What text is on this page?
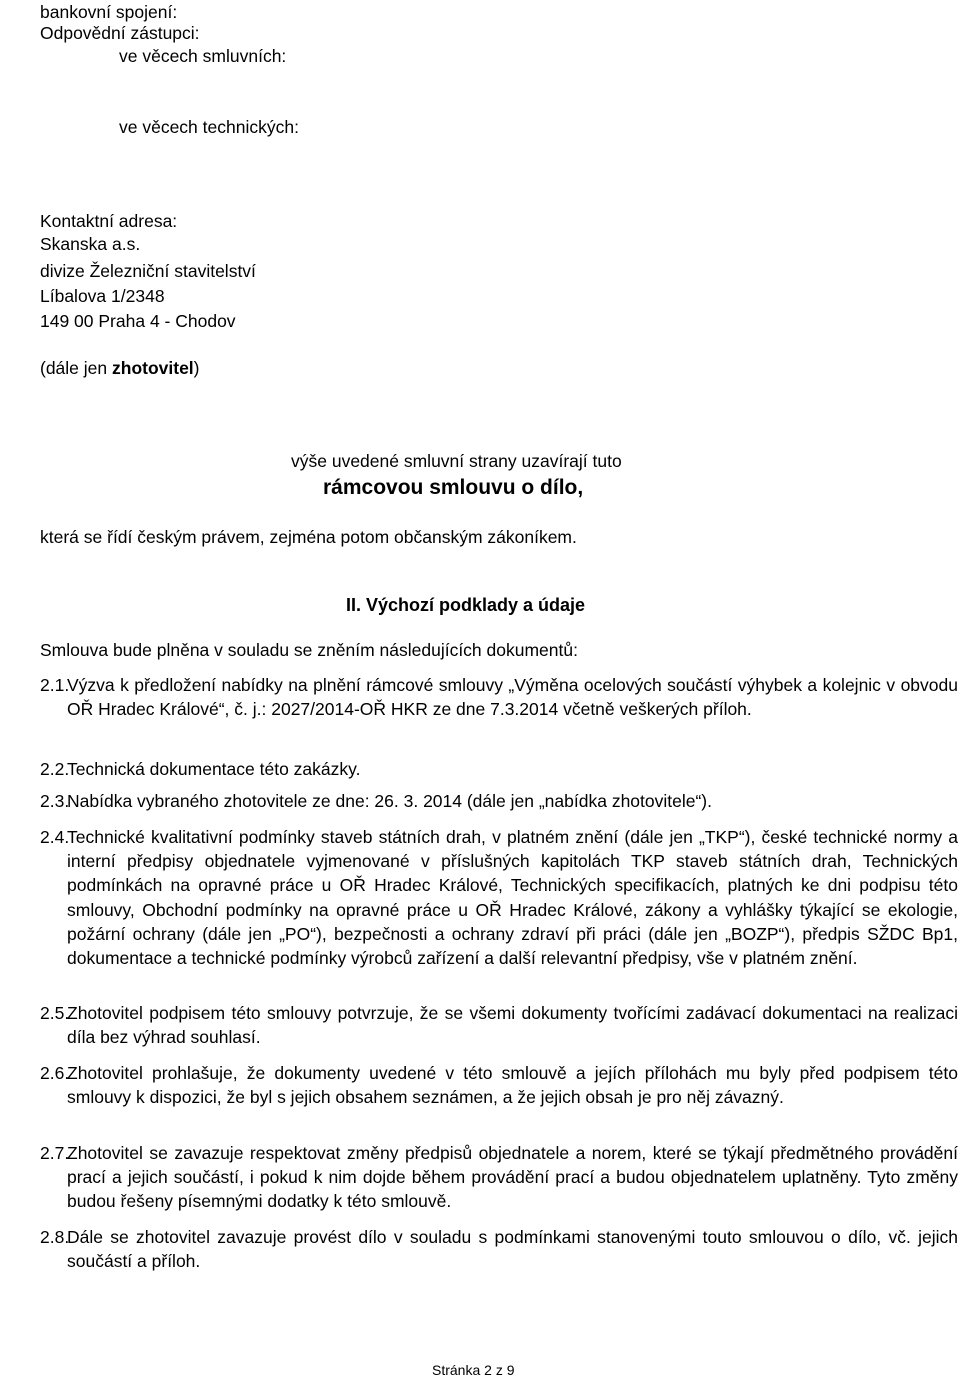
bankovní spojení:
Odpovědní zástupci:
ve věcech smluvních:
ve věcech technických:
Kontaktní adresa:
Skanska a.s.
divize Železniční stavitelství
Líbalova 1/2348
149 00 Praha 4 - Chodov
(dále jen zhotovitel)
výše uvedené smluvní strany uzavírají tuto
rámcovou smlouvu o dílo,
která se řídí českým právem, zejména potom občanským zákoníkem.
II. Výchozí podklady a údaje
Smlouva bude plněna v souladu se zněním následujících dokumentů:
2.1.
Výzva k předložení nabídky na plnění rámcové smlouvy „Výměna ocelových součástí výhybek a kolejnic v obvodu OŘ Hradec Králové“, č. j.: 2027/2014-OŘ HKR ze dne 7.3.2014 včetně veškerých příloh.
2.2.
Technická dokumentace této zakázky.
2.3.
Nabídka vybraného zhotovitele ze dne: 26. 3. 2014 (dále jen „nabídka zhotovitele“).
2.4.
Technické kvalitativní podmínky staveb státních drah, v platném znění (dále jen „TKP“), české technické normy a interní předpisy objednatele vyjmenované v příslušných kapitolách TKP staveb státních drah, Technických podmínkách na opravné práce u OŘ Hradec Králové, Technických specifikacích, platných ke dni podpisu této smlouvy, Obchodní podmínky na opravné práce u OŘ Hradec Králové, zákony a vyhlášky týkající se ekologie, požární ochrany (dále jen „PO“), bezpečnosti a ochrany zdraví při práci (dále jen „BOZP“), předpis SŽDC Bp1, dokumentace a technické podmínky výrobců zařízení a další relevantní předpisy, vše v platném znění.
2.5.
Zhotovitel podpisem této smlouvy potvrzuje, že se všemi dokumenty tvořícími zadávací dokumentaci na realizaci díla bez výhrad souhlasí.
2.6.
Zhotovitel prohlašuje, že dokumenty uvedené v této smlouvě a jejích přílohách mu byly před podpisem této smlouvy k dispozici, že byl s jejich obsahem seznámen, a že jejich obsah je pro něj závazný.
2.7.
Zhotovitel se zavazuje respektovat změny předpisů objednatele a norem, které se týkají předmětného provádění prací a jejich součástí, i pokud k nim dojde během provádění prací a budou objednatelem uplatněny. Tyto změny budou řešeny písemnými dodatky k této smlouvě.
2.8.
Dále se zhotovitel zavazuje provést dílo v souladu s podmínkami stanovenými touto smlouvou o dílo, vč. jejich součástí a příloh.
Stránka 2 z 9
